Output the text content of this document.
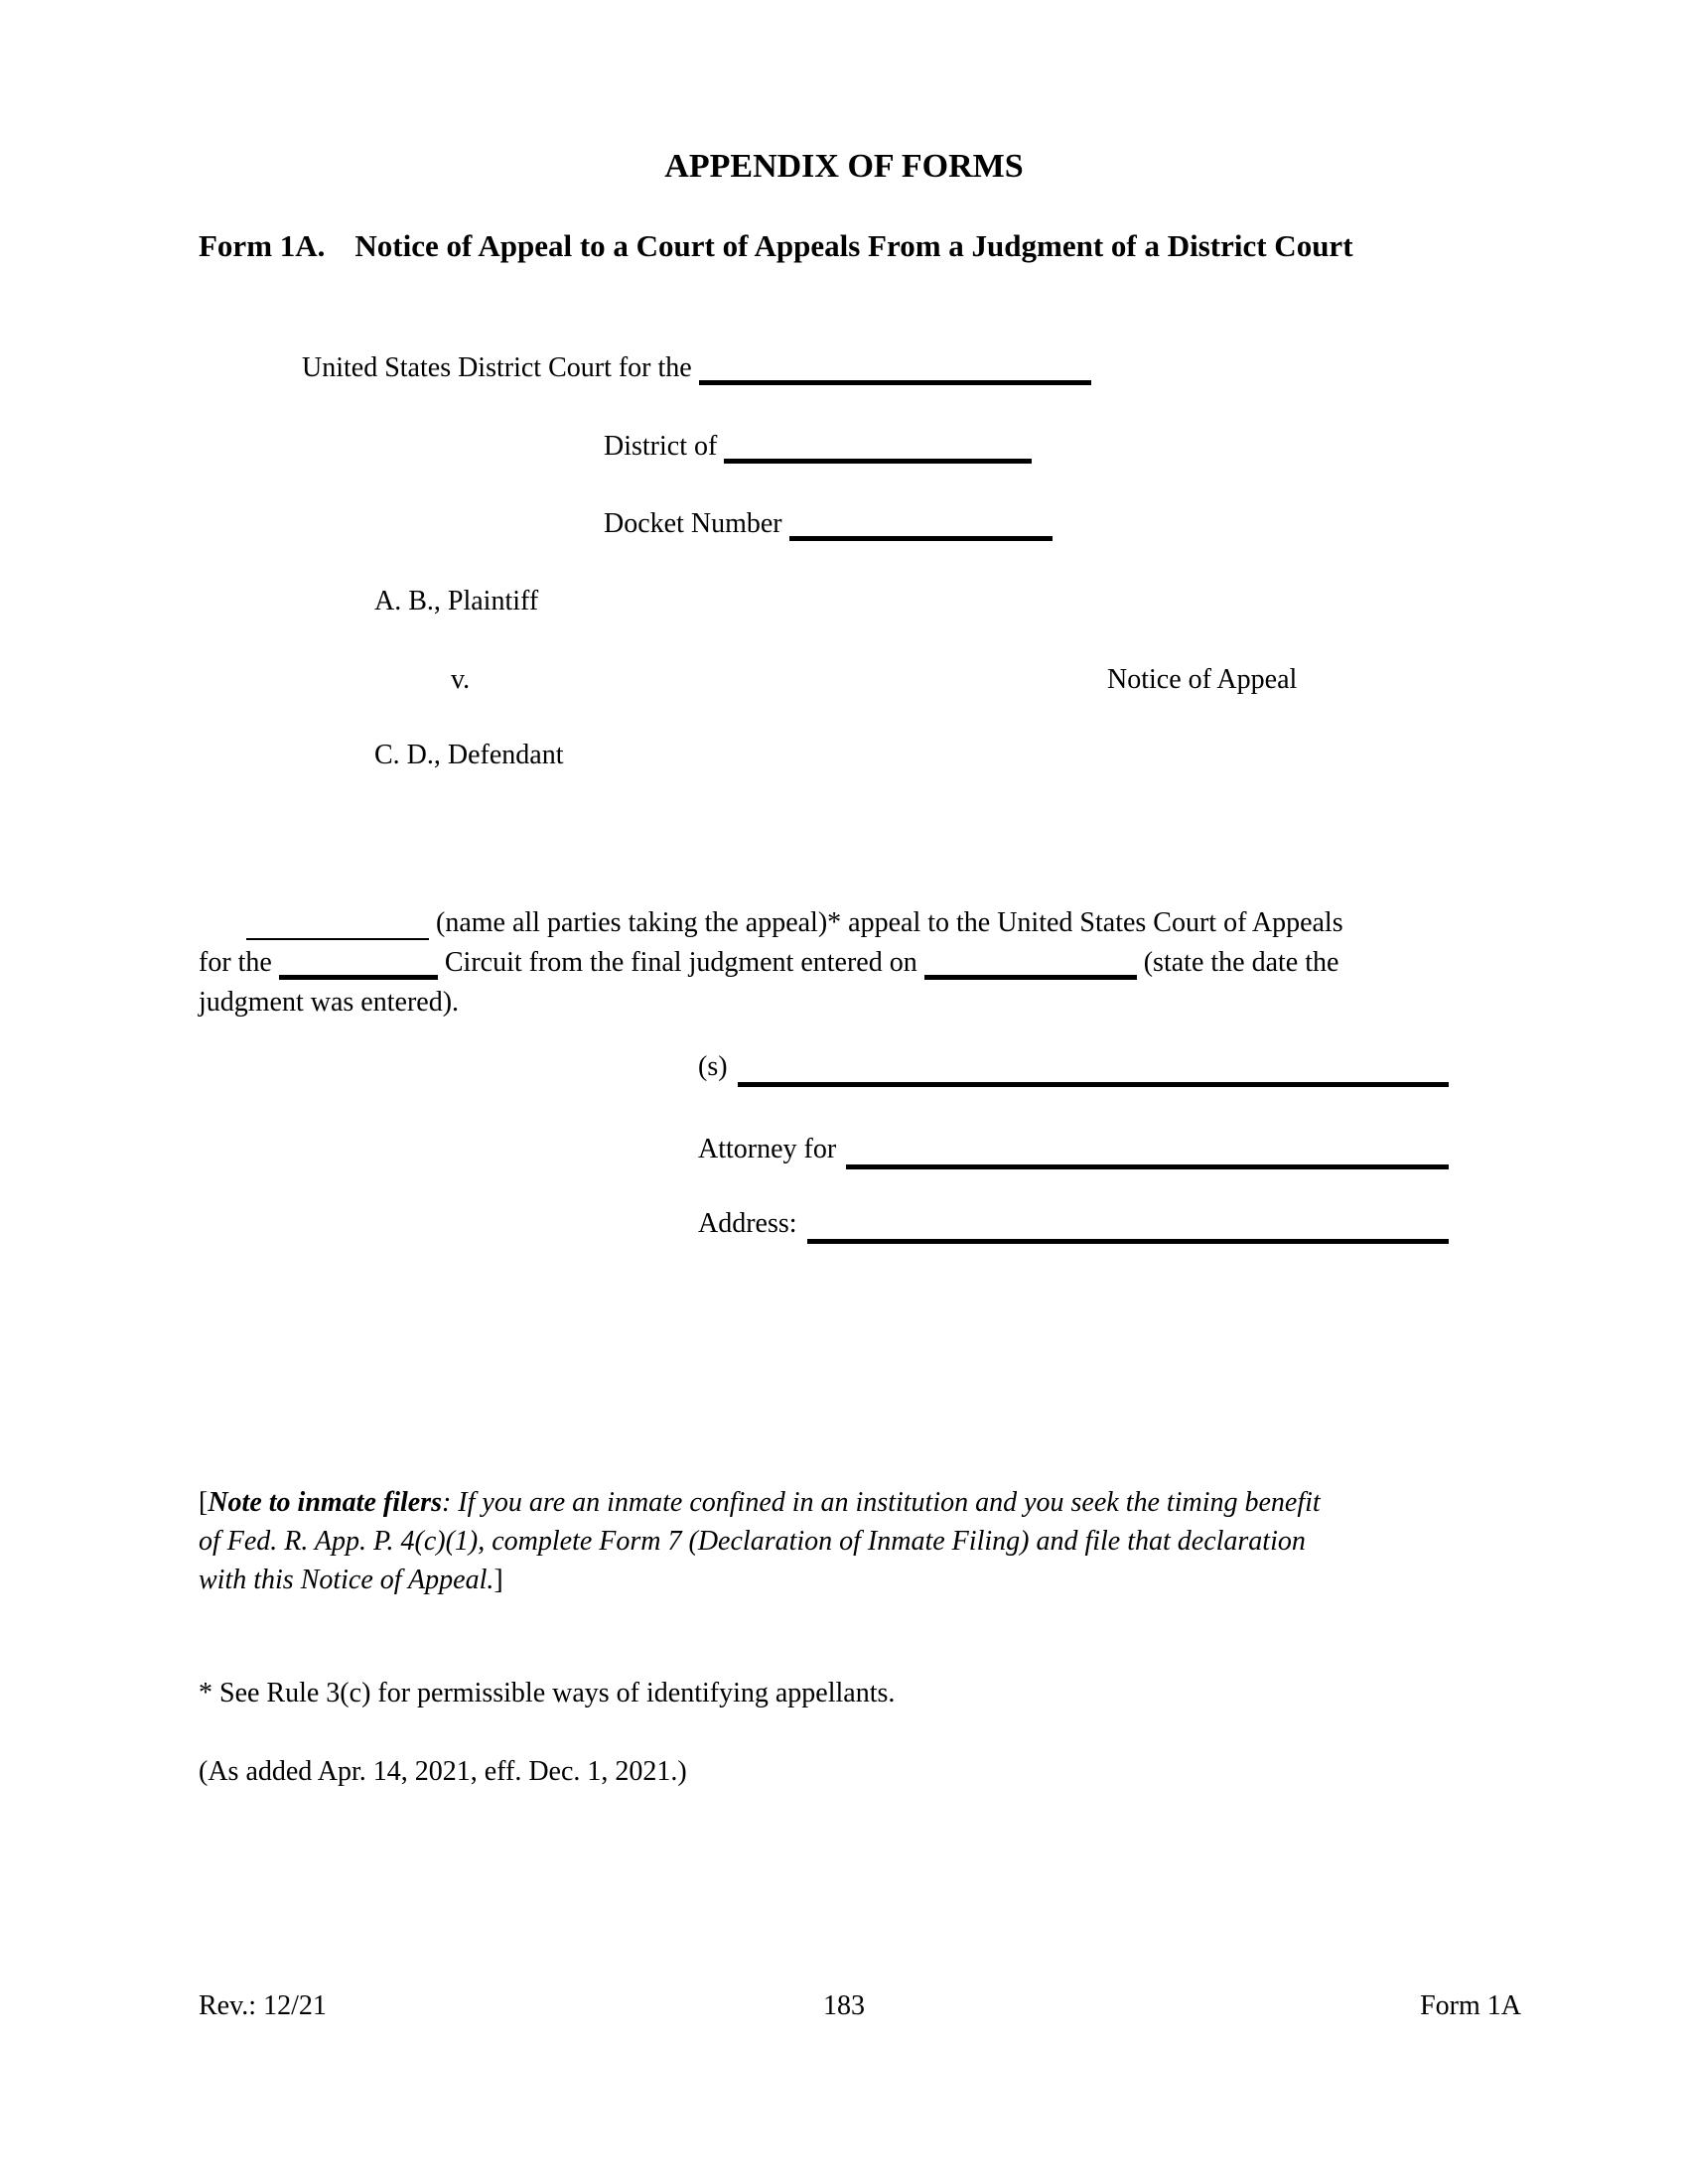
APPENDIX OF FORMS
Form 1A. Notice of Appeal to a Court of Appeals From a Judgment of a District Court
United States District Court for the
District of
Docket Number
A. B., Plaintiff
v.	Notice of Appeal
C. D., Defendant
(name all parties taking the appeal)* appeal to the United States Court of Appeals
for the	Circuit from the final judgment entered on	(state the date the
judgment was entered).
(s)
Attorney for
Address:
[Note to inmate filers: If you are an inmate confined in an institution and you seek the timing benefit
of Fed. R. App. P. 4(c)(1), complete Form 7 (Declaration of Inmate Filing) and file that declaration
with this Notice of Appeal.]
* See Rule 3(c) for permissible ways of identifying appellants.
(As added Apr. 14, 2021, eff. Dec. 1, 2021.)
Rev.: 12/21	183	Form 1A
